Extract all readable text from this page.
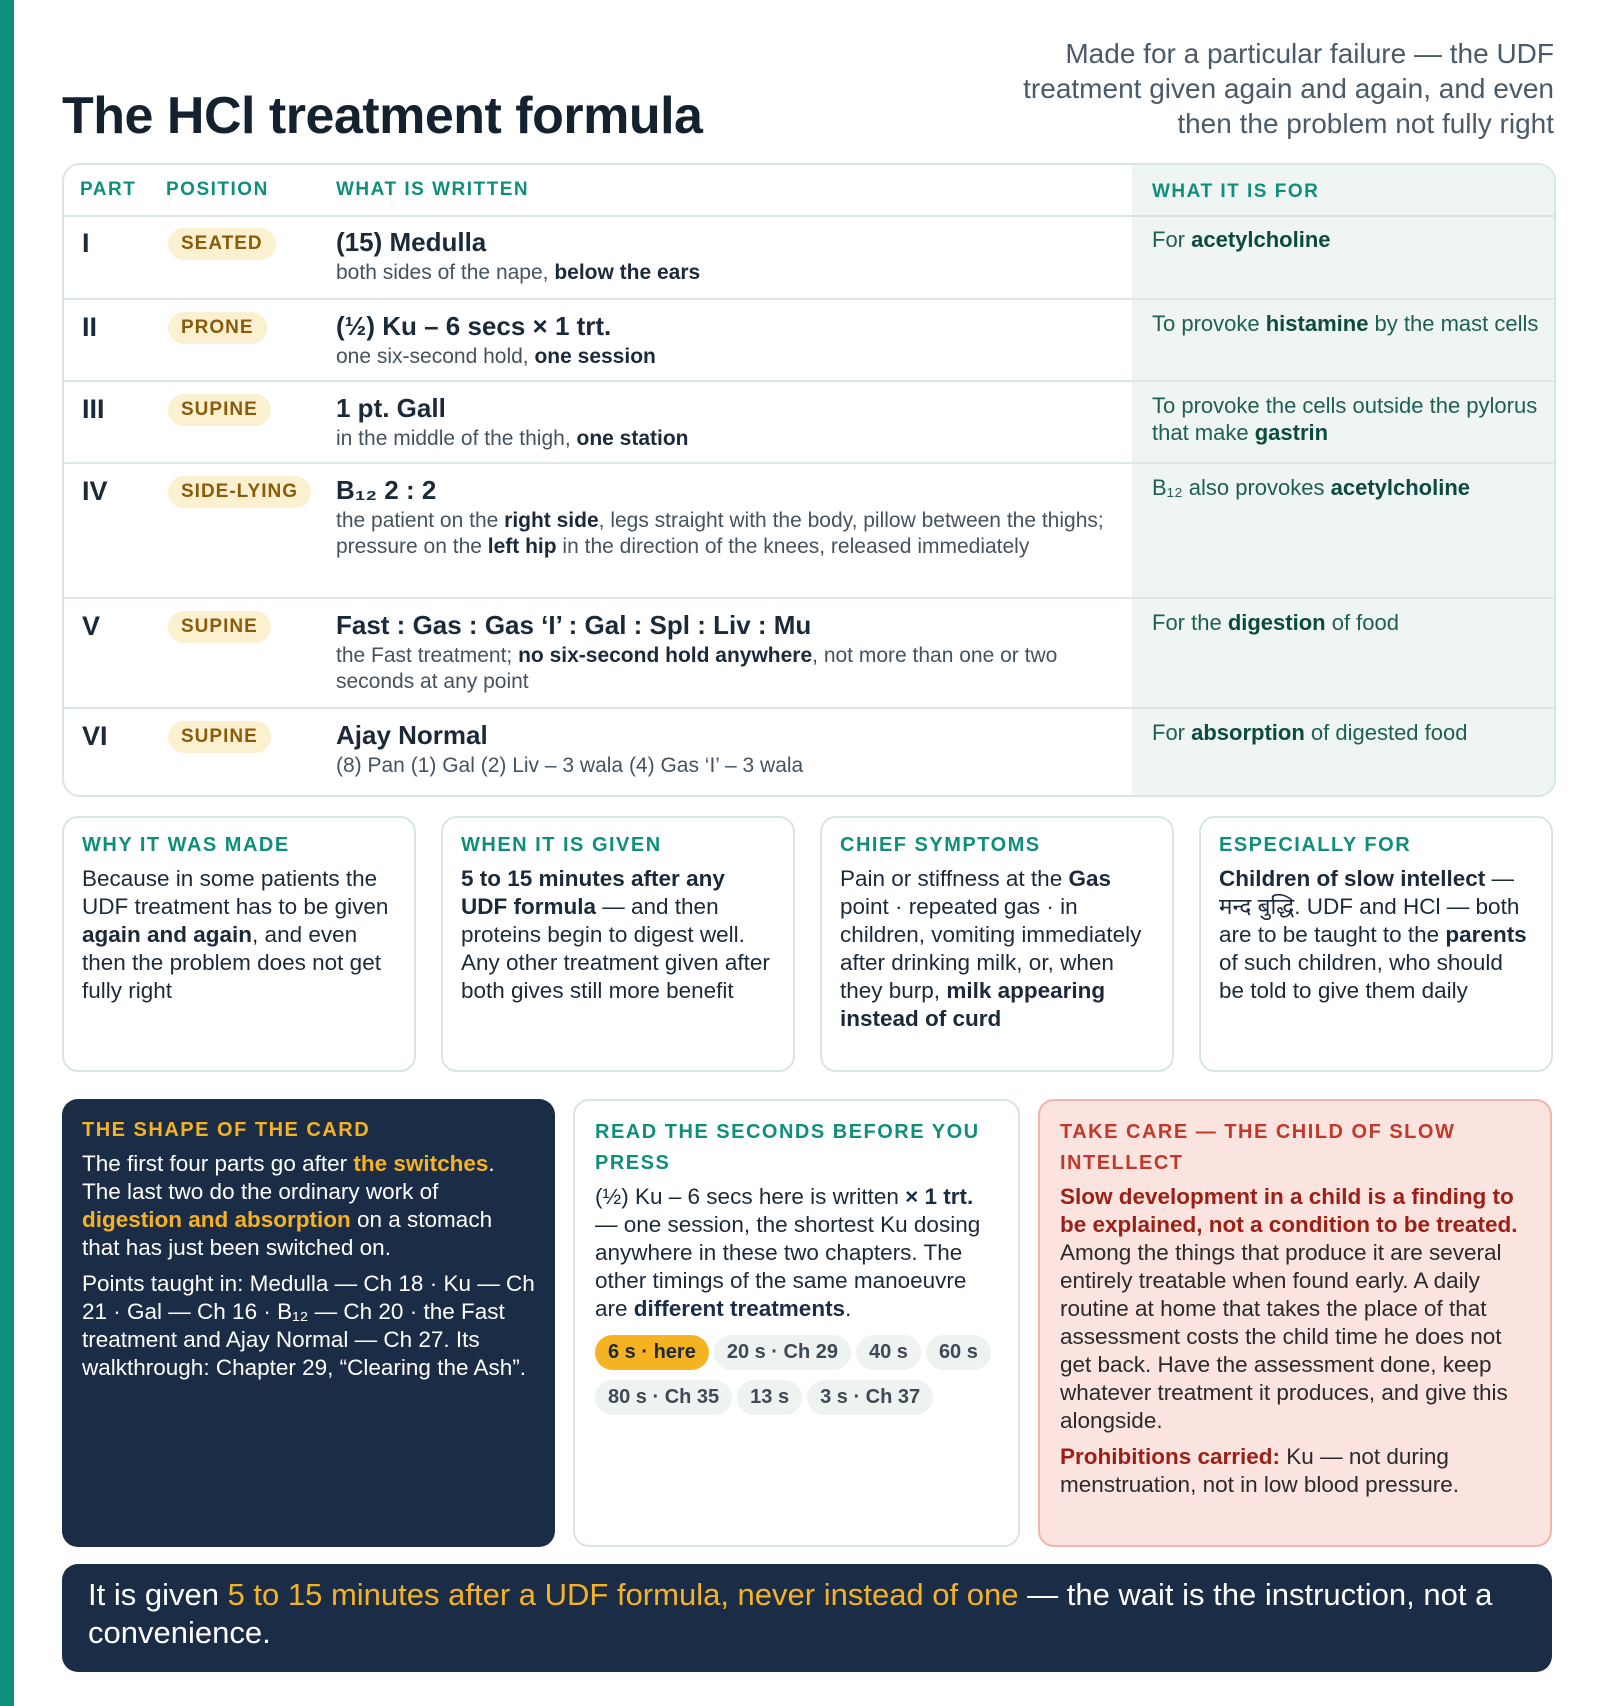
The HCl treatment formula
Made for a particular failure — the UDF treatment given again and again, and even then the problem not fully right
PART POSITION	WHAT IS WRITTEN	WHAT IT IS FOR
I	SEATED	(15) Medulla
both sides of the nape, below the ears
For acetylcholine
II	PRONE	(½) Ku – 6 secs × 1 trt.
one six-second hold, one session
To provoke histamine by the mast cells
III	SUPINE	1 pt. Gall
in the middle of the thigh, one station
To provoke the cells outside the pylorus that make gastrin
IV	SIDE-LYING	B₁₂ 2 : 2
the patient on the right side, legs straight with the body, pillow between the thighs; pressure on the left hip in the direction of the knees, released immediately
B₁₂ also provokes acetylcholine
V	SUPINE	Fast : Gas : Gas ‘I’ : Gal : Spl : Liv : Mu
the Fast treatment; no six-second hold anywhere, not more than one or two seconds at any point
For the digestion of food
VI	SUPINE	Ajay Normal
(8) Pan (1) Gal (2) Liv – 3 wala (4) Gas ‘I’ – 3 wala
For absorption of digested food
WHY IT WAS MADE
Because in some patients the UDF treatment has to be given again and again, and even then the problem does not get fully right
WHEN IT IS GIVEN
5 to 15 minutes after any UDF formula — and then proteins begin to digest well. Any other treatment given after both gives still more benefit
CHIEF SYMPTOMS
Pain or stiffness at the Gas point · repeated gas · in children, vomiting immediately after drinking milk, or, when they burp, milk appearing instead of curd
ESPECIALLY FOR
Children of slow intellect — मन्द बुद्धि. UDF and HCl — both are to be taught to the parents of such children, who should be told to give them daily
THE SHAPE OF THE CARD
The first four parts go after the switches. The last two do the ordinary work of digestion and absorption on a stomach that has just been switched on.
Points taught in: Medulla — Ch 18 · Ku — Ch 21 · Gal — Ch 16 · B₁₂ — Ch 20 · the Fast treatment and Ajay Normal — Ch 27. Its walkthrough: Chapter 29, “Clearing the Ash”.
READ THE SECONDS BEFORE YOU PRESS
(½) Ku – 6 secs here is written × 1 trt. — one session, the shortest Ku dosing anywhere in these two chapters. The other timings of the same manoeuvre are different treatments.
6 s · here 20 s · Ch 29 40 s 60 s
80 s · Ch 35 13 s 3 s · Ch 37
TAKE CARE — THE CHILD OF SLOW INTELLECT
Slow development in a child is a finding to be explained, not a condition to be treated. Among the things that produce it are several entirely treatable when found early. A daily routine at home that takes the place of that assessment costs the child time he does not get back. Have the assessment done, keep whatever treatment it produces, and give this alongside.
Prohibitions carried: Ku — not during menstruation, not in low blood pressure.
It is given 5 to 15 minutes after a UDF formula, never instead of one — the wait is the instruction, not a convenience.
